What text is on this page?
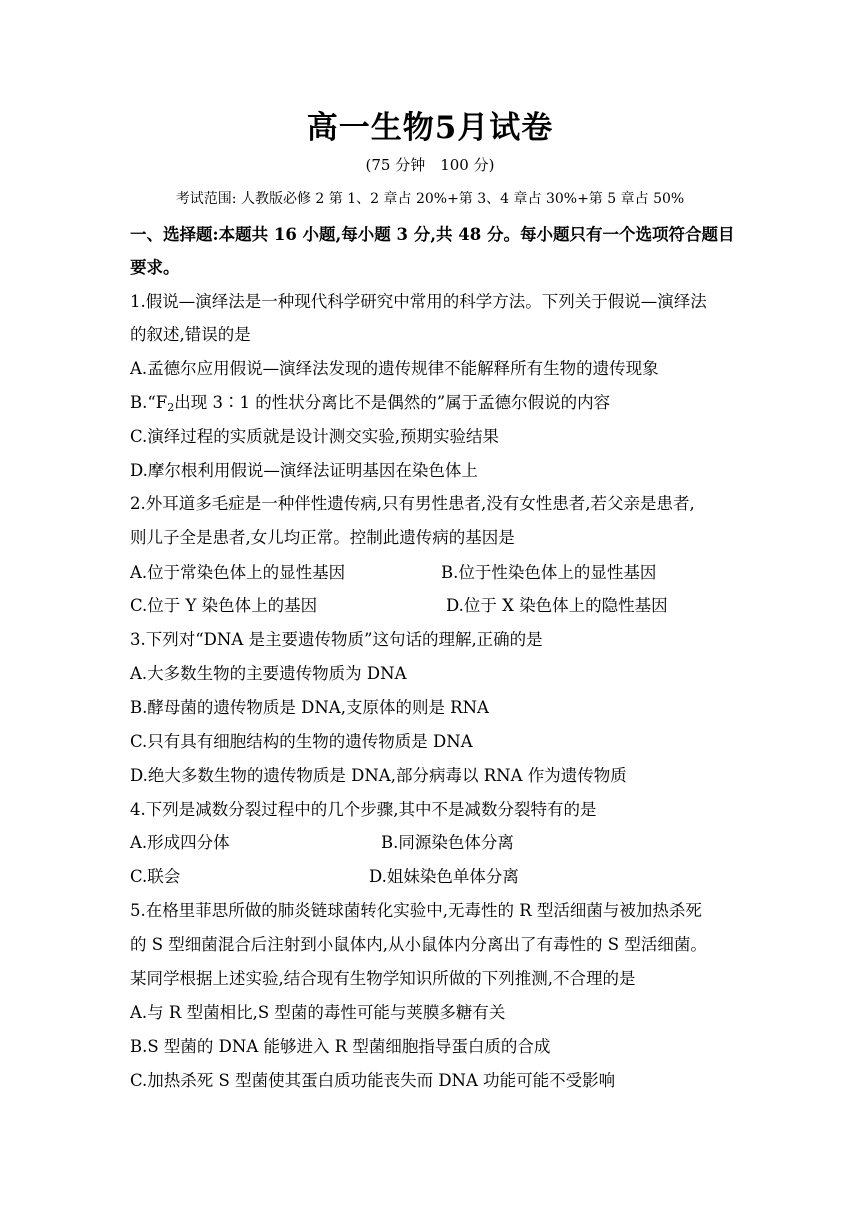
高一生物5月试卷
(75 分钟　100 分)
考试范围: 人教版必修 2 第 1、2 章占 20%+第 3、4 章占 30%+第 5 章占 50%
一、选择题:本题共 16 小题,每小题 3 分,共 48 分。每小题只有一个选项符合题目
要求。
1.假说—演绎法是一种现代科学研究中常用的科学方法。下列关于假说—演绎法
的叙述,错误的是
A.孟德尔应用假说—演绎法发现的遗传规律不能解释所有生物的遗传现象
$B.“F_2$出现 3∶1 的性状分离比不是偶然的”属于孟德尔假说的内容
C.演绎过程的实质就是设计测交实验,预期实验结果
D.摩尔根利用假说—演绎法证明基因在染色体上
2.外耳道多毛症是一种伴性遗传病,只有男性患者,没有女性患者,若父亲是患者,
则儿子全是患者,女儿均正常。控制此遗传病的基因是
A.位于常染色体上的显性基因	B.位于性染色体上的显性基因
C.位于 Y 染色体上的基因	D.位于 X 染色体上的隐性基因
3.下列对“DNA 是主要遗传物质”这句话的理解,正确的是
A.大多数生物的主要遗传物质为 DNA
B.酵母菌的遗传物质是 DNA,支原体的则是 RNA
C.只有具有细胞结构的生物的遗传物质是 DNA
D.绝大多数生物的遗传物质是 DNA,部分病毒以 RNA 作为遗传物质
4.下列是减数分裂过程中的几个步骤,其中不是减数分裂特有的是
A.形成四分体	B.同源染色体分离
C.联会	D.姐妹染色单体分离
5.在格里菲思所做的肺炎链球菌转化实验中,无毒性的 R 型活细菌与被加热杀死
的 S 型细菌混合后注射到小鼠体内,从小鼠体内分离出了有毒性的 S 型活细菌。
某同学根据上述实验,结合现有生物学知识所做的下列推测,不合理的是
A.与 R 型菌相比,S 型菌的毒性可能与荚膜多糖有关
B.S 型菌的 DNA 能够进入 R 型菌细胞指导蛋白质的合成
C.加热杀死 S 型菌使其蛋白质功能丧失而 DNA 功能可能不受影响
